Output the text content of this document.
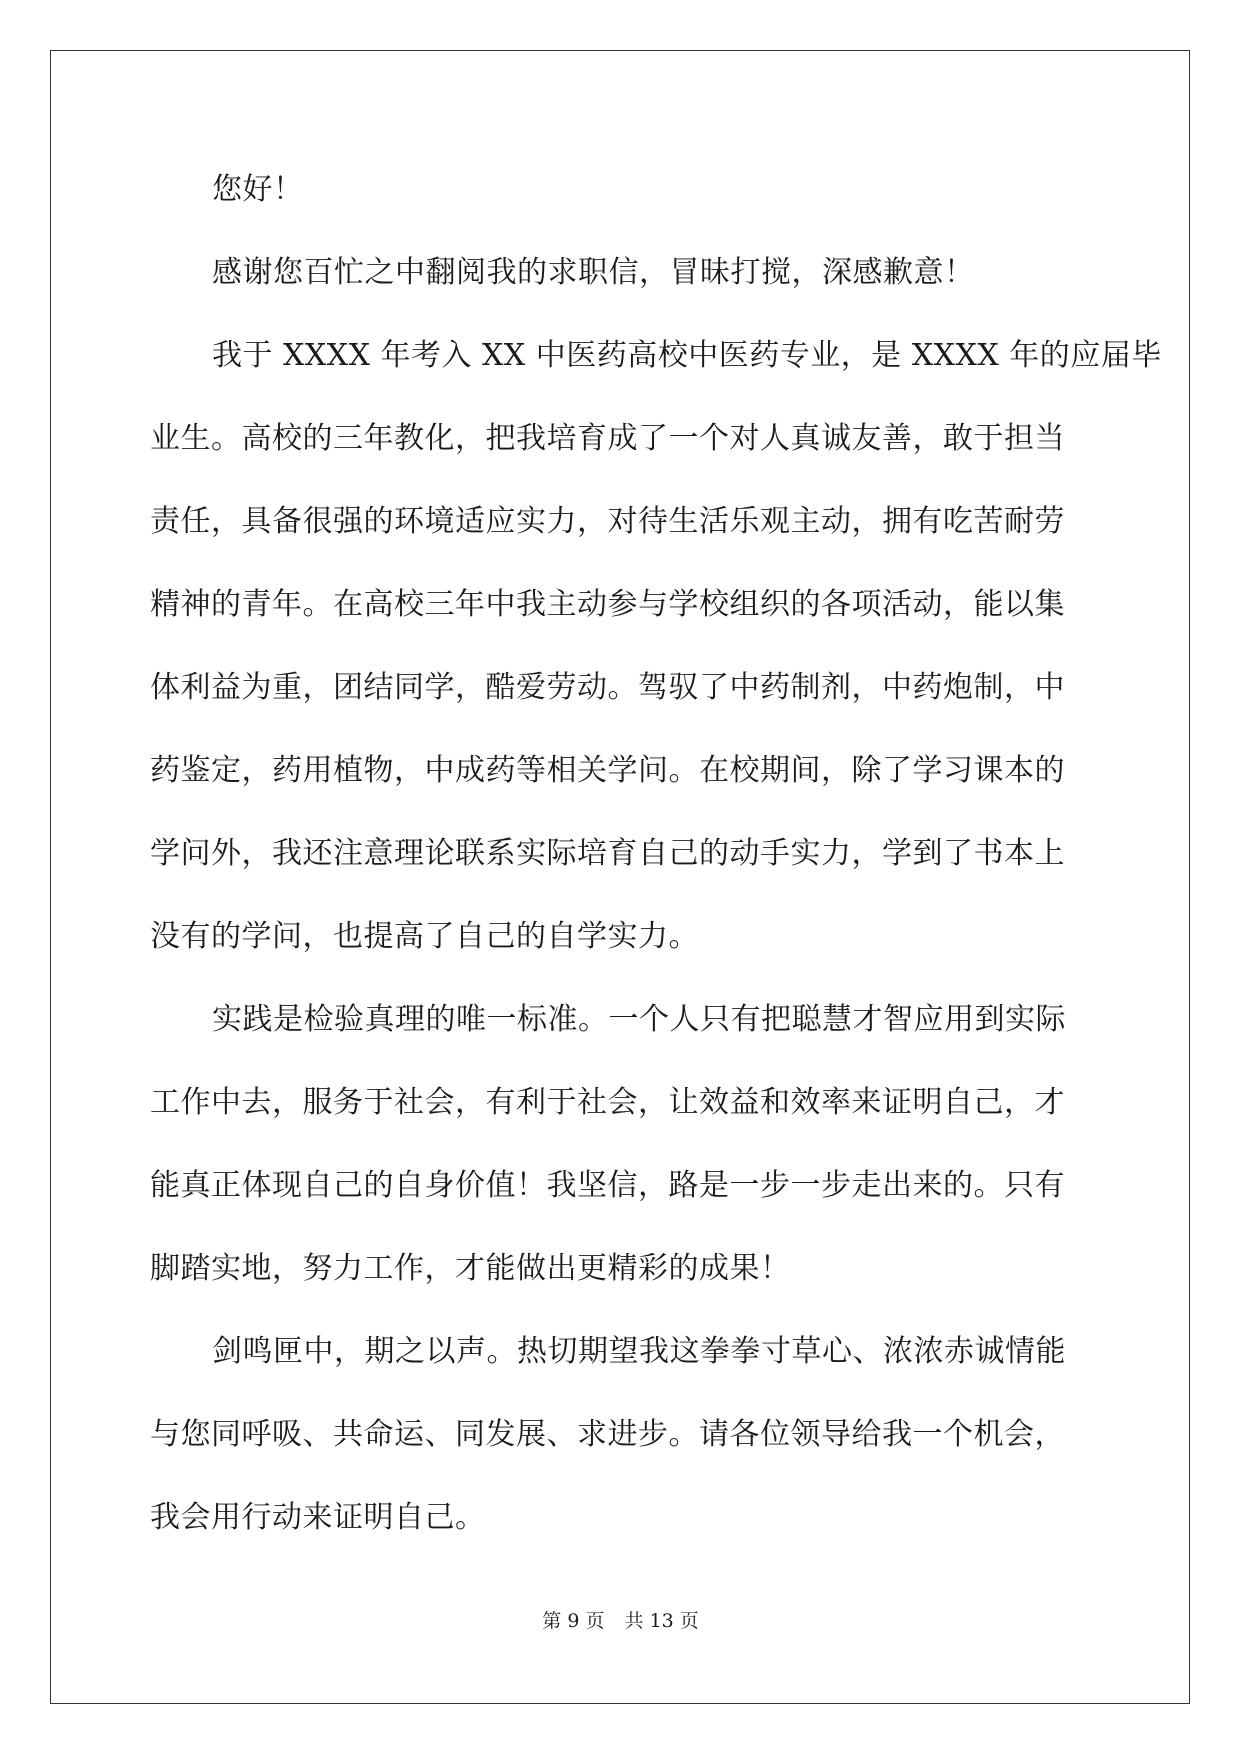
您好！
感谢您百忙之中翻阅我的求职信，冒昧打搅，深感歉意！
我于 XXXX 年考入 XX 中医药高校中医药专业，是 XXXX 年的应届毕
业生。高校的三年教化，把我培育成了一个对人真诚友善，敢于担当
责任，具备很强的环境适应实力，对待生活乐观主动，拥有吃苦耐劳
精神的青年。在高校三年中我主动参与学校组织的各项活动，能以集
体利益为重，团结同学，酷爱劳动。驾驭了中药制剂，中药炮制，中
药鉴定，药用植物，中成药等相关学问。在校期间，除了学习课本的
学问外，我还注意理论联系实际培育自己的动手实力，学到了书本上
没有的学问，也提高了自己的自学实力。
实践是检验真理的唯一标准。一个人只有把聪慧才智应用到实际
工作中去，服务于社会，有利于社会，让效益和效率来证明自己，才
能真正体现自己的自身价值！我坚信，路是一步一步走出来的。只有
脚踏实地，努力工作，才能做出更精彩的成果！
剑鸣匣中，期之以声。热切期望我这拳拳寸草心、浓浓赤诚情能
与您同呼吸、共命运、同发展、求进步。请各位领导给我一个机会，
我会用行动来证明自己。
第 9 页 共 13 页
